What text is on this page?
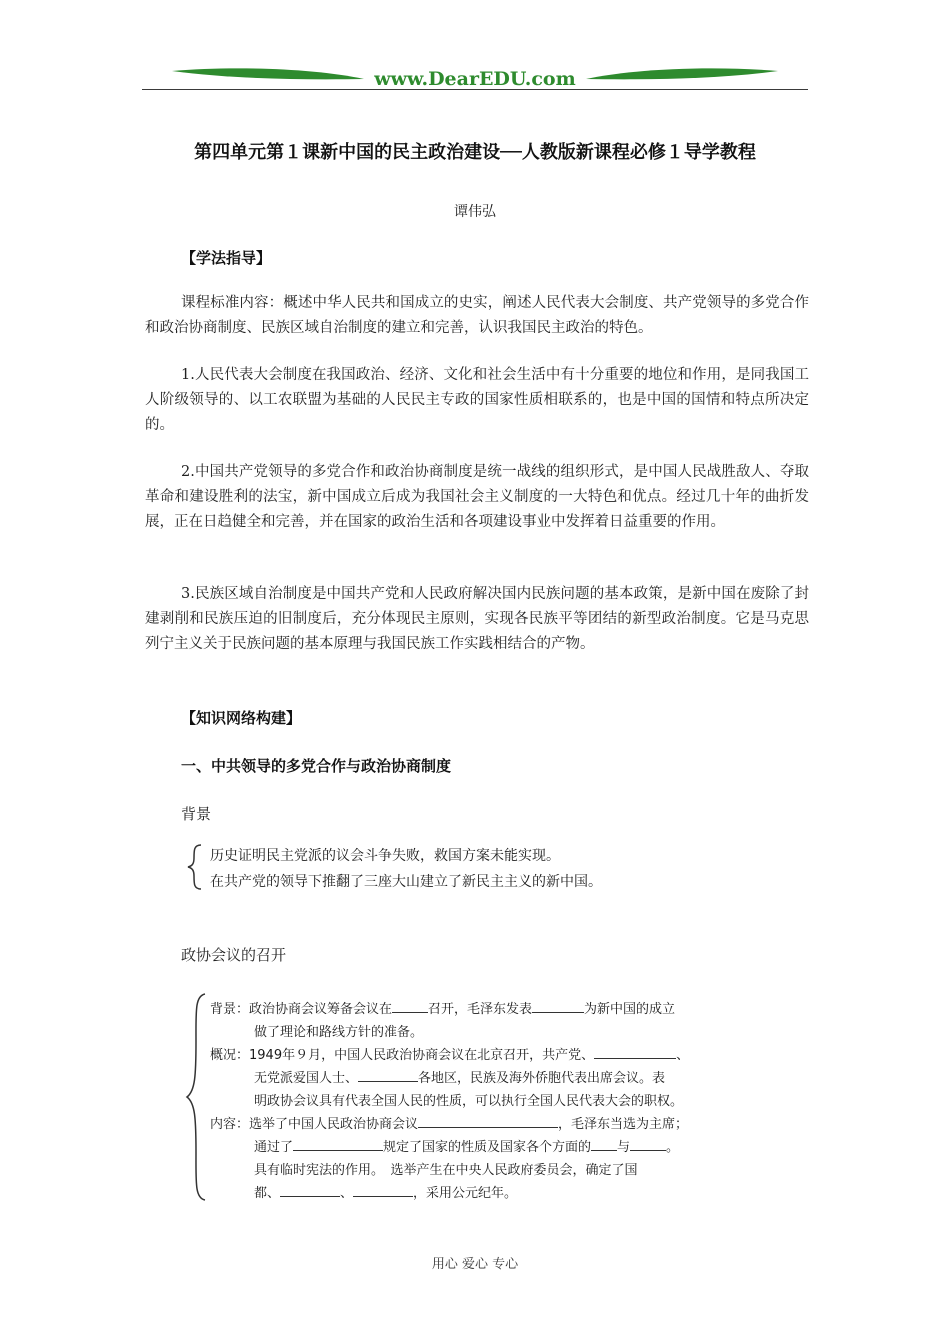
www.DearEDU.com
第四单元第１课新中国的民主政治建设──人教版新课程必修１导学教程
谭伟弘
【学法指导】

课程标准内容：概述中华人民共和国成立的史实，阐述人民代表大会制度、共产党领导的多党合作和政治协商制度、民族区域自治制度的建立和完善，认识我国民主政治的特色。

1.人民代表大会制度在我国政治、经济、文化和社会生活中有十分重要的地位和作用，是同我国工人阶级领导的、以工农联盟为基础的人民民主专政的国家性质相联系的，也是中国的国情和特点所决定的。

2.中国共产党领导的多党合作和政治协商制度是统一战线的组织形式，是中国人民战胜敌人、夺取革命和建设胜利的法宝，新中国成立后成为我国社会主义制度的一大特色和优点。经过几十年的曲折发展，正在日趋健全和完善，并在国家的政治生活和各项建设事业中发挥着日益重要的作用。

3.民族区域自治制度是中国共产党和人民政府解决国内民族问题的基本政策，是新中国在废除了封建剥削和民族压迫的旧制度后，充分体现民主原则，实现各民族平等团结的新型政治制度。它是马克思列宁主义关于民族问题的基本原理与我国民族工作实践相结合的产物。

【知识网络构建】
一、中共领导的多党合作与政治协商制度
背景
历史证明民主党派的议会斗争失败，救国方案未能实现。
在共产党的领导下推翻了三座大山建立了新民主主义的新中国。
政协会议的召开
背景：政治协商会议筹备会议在	召开，毛泽东发表	为新中国的成立
做了理论和路线方针的准备。
概况：1949年９月，中国人民政治协商会议在北京召开，共产党、	、
无党派爱国人士、	各地区，民族及海外侨胞代表出席会议。表
明政协会议具有代表全国人民的性质，可以执行全国人民代表大会的职权。
内容：选举了中国人民政治协商会议	，毛泽东当选为主席；
通过了	规定了国家的性质及国家各个方面的 与	。
具有临时宪法的作用。　选举产生在中央人民政府委员会，确定了国
都、	、	，采用公元纪年。
用心 爱心 专心
